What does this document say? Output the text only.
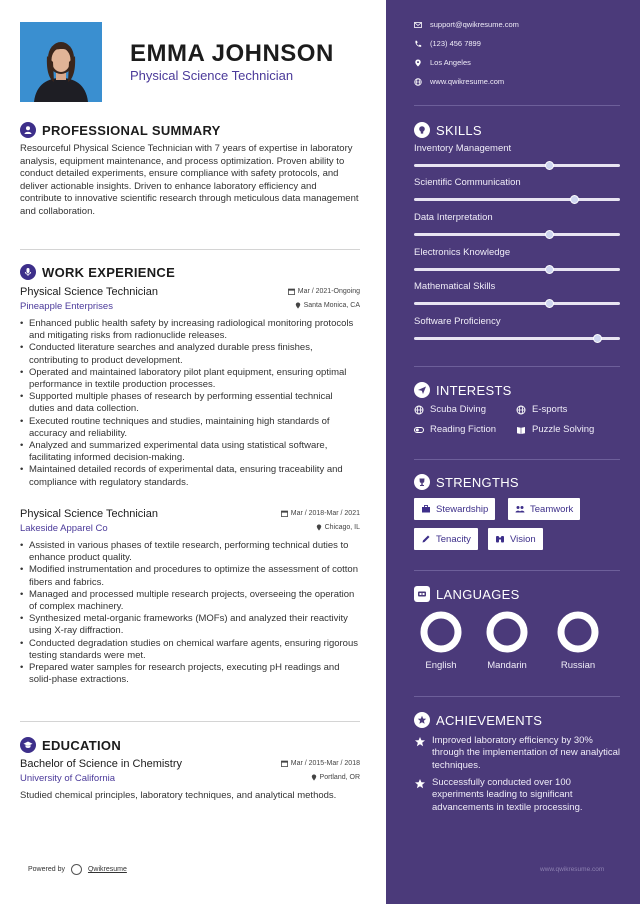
EMMA JOHNSON
Physical Science Technician
PROFESSIONAL SUMMARY
Resourceful Physical Science Technician with 7 years of expertise in laboratory analysis, equipment maintenance, and process optimization. Proven ability to conduct detailed experiments, ensure compliance with safety protocols, and deliver actionable insights. Driven to enhance laboratory efficiency and contribute to innovative scientific research through meticulous data management and collaboration.
WORK EXPERIENCE
Physical Science Technician	Mar / 2021-Ongoing
Pineapple Enterprises	Santa Monica, CA
• Enhanced public health safety by increasing radiological monitoring protocols and mitigating risks from radionuclide releases.
• Conducted literature searches and analyzed durable press finishes, contributing to product development.
• Operated and maintained laboratory pilot plant equipment, ensuring optimal performance in textile production processes.
• Supported multiple phases of research by performing essential technical duties and data collection.
• Executed routine techniques and studies, maintaining high standards of accuracy and reliability.
• Analyzed and summarized experimental data using statistical software, facilitating informed decision-making.
• Maintained detailed records of experimental data, ensuring traceability and compliance with regulatory standards.
Physical Science Technician	Mar / 2018-Mar / 2021
Lakeside Apparel Co	Chicago, IL
• Assisted in various phases of textile research, performing technical duties to enhance product quality.
• Modified instrumentation and procedures to optimize the assessment of cotton fibers and fabrics.
• Managed and processed multiple research projects, overseeing the operation of complex machinery.
• Synthesized metal-organic frameworks (MOFs) and analyzed their reactivity using X-ray diffraction.
• Conducted degradation studies on chemical warfare agents, ensuring rigorous testing standards were met.
• Prepared water samples for research projects, executing pH readings and solid-phase extractions.
EDUCATION
Bachelor of Science in Chemistry	Mar / 2015-Mar / 2018
University of California	Portland, OR
Studied chemical principles, laboratory techniques, and analytical methods.
Powered by	Qwikresume
support@qwikresume.com
(123) 456 7899
Los Angeles
www.qwikresume.com
SKILLS
Inventory Management
Scientific Communication
Data Interpretation
Electronics Knowledge
Mathematical Skills
Software Proficiency
INTERESTS
Scuba Diving	E-sports
Reading Fiction	Puzzle Solving
STRENGTHS
Stewardship	Teamwork
Tenacity	Vision
LANGUAGES
English	Mandarin	Russian
ACHIEVEMENTS
Improved laboratory efficiency by 30% through the implementation of new analytical techniques.
Successfully conducted over 100 experiments leading to significant advancements in textile processing.
www.qwikresume.com
